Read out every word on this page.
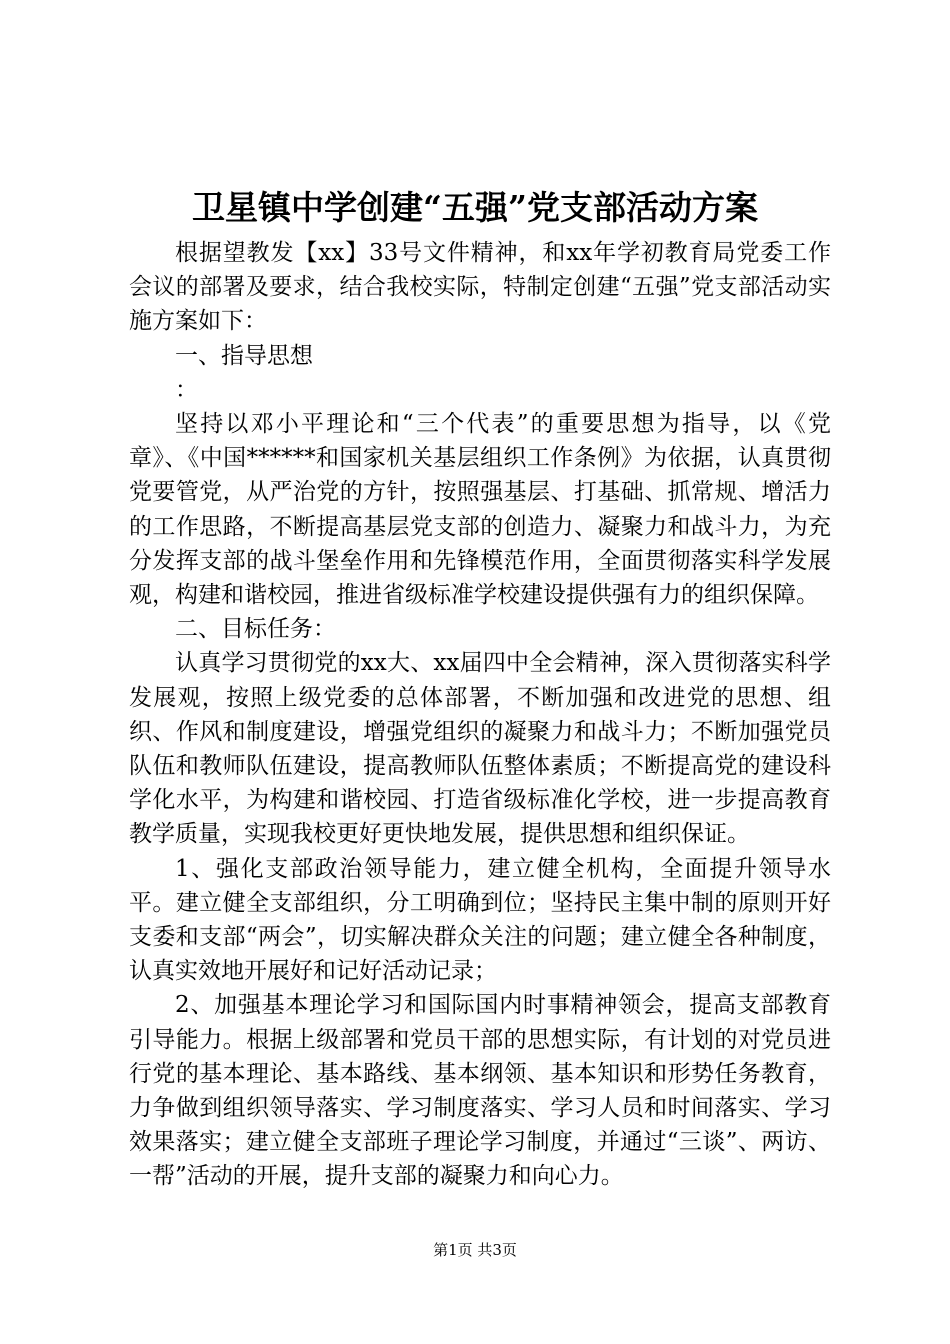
卫星镇中学创建“五强”党支部活动方案

根据望教发【xx】33号文件精神，和xx年学初教育局党委工作会议的部署及要求，结合我校实际，特制定创建“五强”党支部活动实施方案如下：

一、指导思想

：

坚持以邓小平理论和“三个代表”的重要思想为指导，以《党章》、《中国******和国家机关基层组织工作条例》为依据，认真贯彻党要管党，从严治党的方针，按照强基层、打基础、抓常规、增活力的工作思路，不断提高基层党支部的创造力、凝聚力和战斗力，为充分发挥支部的战斗堡垒作用和先锋模范作用，全面贯彻落实科学发展观，构建和谐校园，推进省级标准学校建设提供强有力的组织保障。

二、目标任务：

认真学习贯彻党的xx大、xx届四中全会精神，深入贯彻落实科学发展观，按照上级党委的总体部署，不断加强和改进党的思想、组织、作风和制度建设，增强党组织的凝聚力和战斗力；不断加强党员队伍和教师队伍建设，提高教师队伍整体素质；不断提高党的建设科学化水平，为构建和谐校园、打造省级标准化学校，进一步提高教育教学质量，实现我校更好更快地发展，提供思想和组织保证。

1、强化支部政治领导能力，建立健全机构，全面提升领导水平。建立健全支部组织，分工明确到位；坚持民主集中制的原则开好支委和支部“两会”，切实解决群众关注的问题；建立健全各种制度，认真实效地开展好和记好活动记录；

2、加强基本理论学习和国际国内时事精神领会，提高支部教育引导能力。根据上级部署和党员干部的思想实际，有计划的对党员进行党的基本理论、基本路线、基本纲领、基本知识和形势任务教育，力争做到组织领导落实、学习制度落实、学习人员和时间落实、学习效果落实；建立健全支部班子理论学习制度，并通过“三谈”、两访、一帮”活动的开展，提升支部的凝聚力和向心力。

第1页 共3页
